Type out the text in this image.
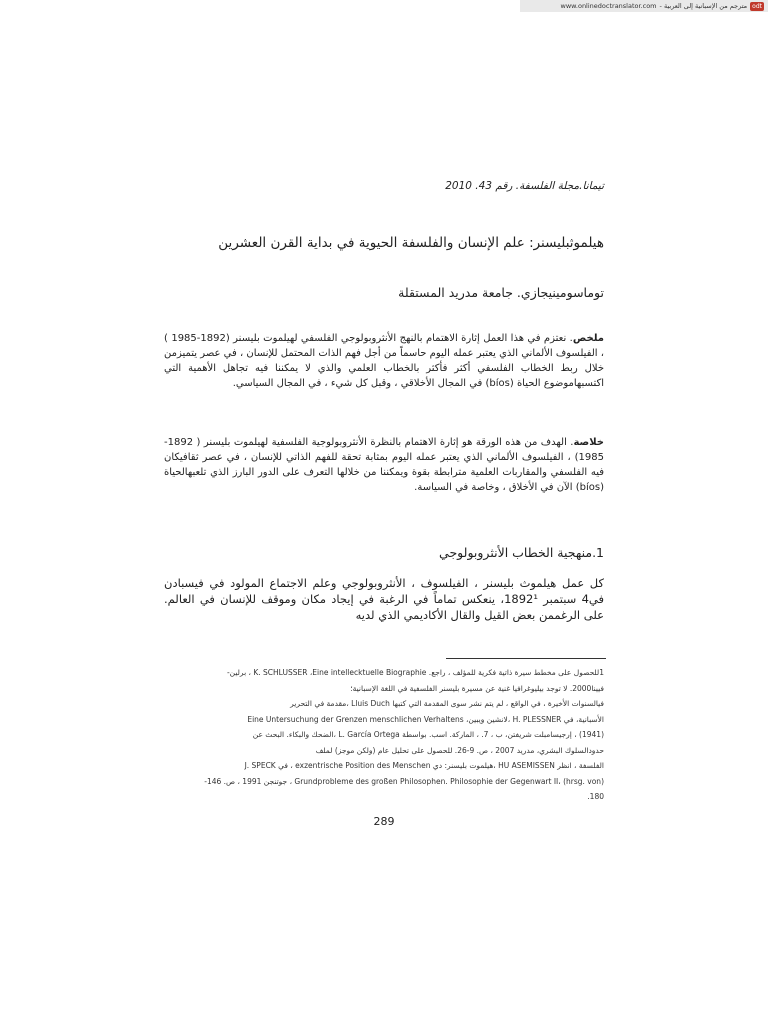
www.onlinedoctranslator.com - مترجم من الإسبانية إلى العربية odt
تيمانا.مجلة الفلسفة. رقم 43. 2010
هيلموثبليسنر: علم الإنسان والفلسفة الحيوية في بداية القرن العشرين
توماسومينيجازي. جامعة مدريد المستقلة
ملخص. نعتزم في هذا العمل إثارة الاهتمام بالنهج الأنثروبولوجي الفلسفي لهيلموت بليسنر (1892-1985 ) ، الفيلسوف الألماني الذي يعتبر عمله اليوم حاسماً من أجل فهم الذات المحتمل للإنسان ، في عصر يتميزمن خلال ربط الخطاب الفلسفي أكثر فأكثر بالخطاب العلمي والذي لا يمكننا فيه تجاهل الأهمية التي اكتسبهاموضوع الحياة (bíos) في المجال الأخلاقي ، وقبل كل شيء ، في المجال السياسي.
خلاصة. الهدف من هذه الورقة هو إثارة الاهتمام بالنظرة الأنثروبولوجية الفلسفية لهيلموت بليسنر ( 1892-1985) ، الفيلسوف الألماني الذي يعتبر عمله اليوم بمثابة تحقة للفهم الذاتي للإنسان ، في عصر ثقافيكان فيه الفلسفي والمقاربات العلمية مترابطة بقوة ويمكننا من خلالها التعرف على الدور البارز الذي تلعبهالحياة (bíos) الآن في الأخلاق ، وخاصة في السياسة.
1.منهجية الخطاب الأنثروبولوجي
كل عمل هيلموث بليسنر ، الفيلسوف ، الأنثروبولوجي وعلم الاجتماع المولود في فيسبادن في4 سبتمبر 1892¹، ينعكس تماماً في الرغبة في إيجاد مكان وموقف للإنسان في العالم. على الرغممن بعض القيل والقال الأكاديمي الذي لديه

1للحصول على مخطط سيرة ذاتية فكرية للمؤلف ، راجع. K. SCHLUSSER ،Eine intellecktuelle Biographie ، برلين-

فيينا2000. لا توجد بيليوغرافيا غنية عن مسيرة بليسنر الفلسفية في اللغة الإسبانية؛

فيالسنوات الأخيرة ، في الواقع ، لم يتم نشر سوى المقدمة التي كتبها Lluis Duch ،مقدمة في التحرير

الأسبانية، في H. PLESSNER ،لانشين ويبين، Eine Untersuchung der Grenzen menschlichen Verhaltens

(1941) ، إرجيسامبلت شريفتن، ب ، 7. ، الماركة. اسب. بواسطة L. García Ortega ،الضحك والبكاء. البحث عن

حدودالسلوك البشري، مدريد 2007 ، ص. 9-26. للحصول على تحليل عام (ولكن موجز) لملف

الفلسفة ، انظر HU ASEMISSEN ،هيلموت بليسنر: دي exzentrische Position des Menschen ، في J. SPECK

(hrsg. von) ،Grundprobleme des großen Philosophen. Philosophie der Gegenwart II ، جوتنجن 1991 ، ص. 146-

180.

289
